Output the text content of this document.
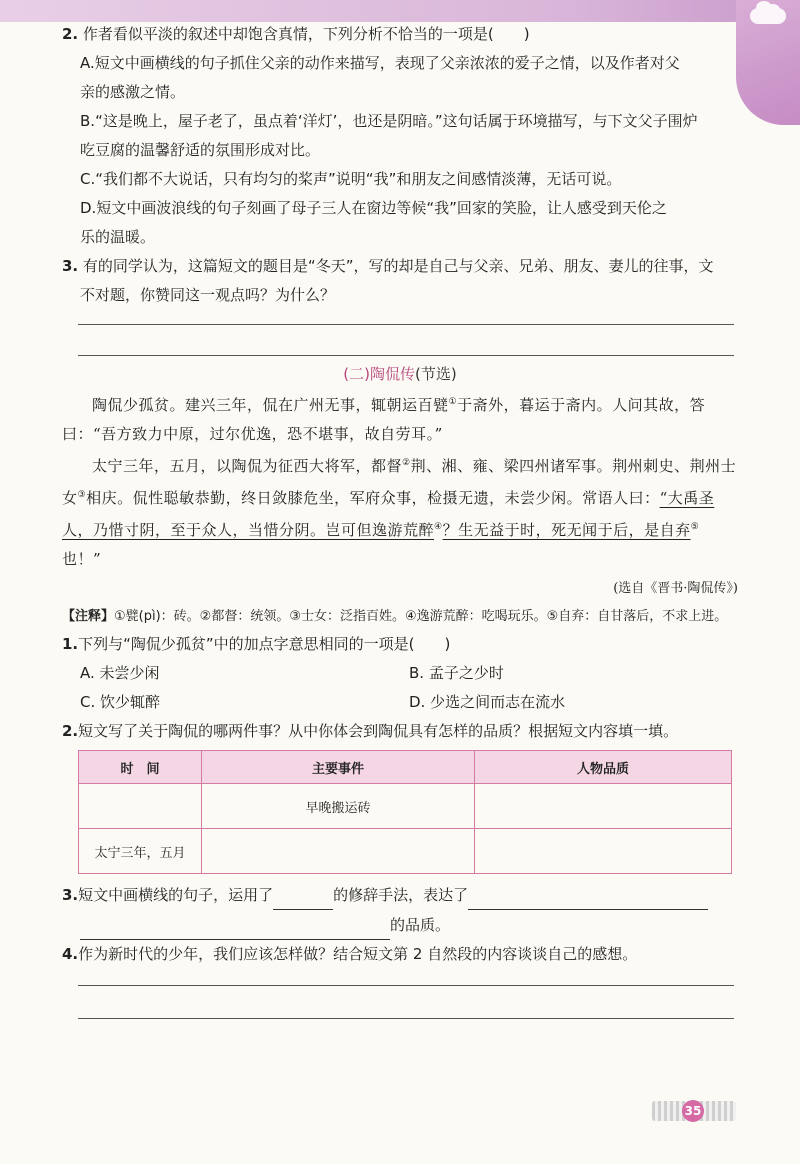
2. 作者看似平淡的叙述中却饱含真情，下列分析不恰当的一项是(　　)

A.短文中画横线的句子抓住父亲的动作来描写，表现了父亲浓浓的爱子之情，以及作者对父
亲的感激之情。
B.“这是晚上，屋子老了，虽点着‘洋灯’，也还是阴暗。”这句话属于环境描写，与下文父子围炉
吃豆腐的温馨舒适的氛围形成对比。
C.“我们都不大说话，只有均匀的桨声”说明“我”和朋友之间感情淡薄，无话可说。
D.短文中画波浪线的句子刻画了母子三人在窗边等候“我”回家的笑脸，让人感受到天伦之
乐的温暖。

3. 有的同学认为，这篇短文的题目是“冬天”，写的却是自己与父亲、兄弟、朋友、妻儿的往事，文

不对题，你赞同这一观点吗？为什么？

(二)陶侃传(节选)

陶侃少孤贫。建兴三年，侃在广州无事，辄朝运百甓①于斋外，暮运于斋内。人问其故，答曰：“吾方致力中原，过尔优逸，恐不堪事，故自劳耳。”

太宁三年，五月，以陶侃为征西大将军，都督②荆、湘、雍、梁四州诸军事。荆州刺史、荆州士女③相庆。侃性聪敏恭勤，终日敛膝危坐，军府众事，检摄无遗，未尝少闲。常语人曰：“大禹圣人，乃惜寸阴，至于众人，当惜分阴。岂可但逸游荒醉④？生无益于时，死无闻于后，是自弃⑤也！”

(选自《晋书·陶侃传》)

【注释】①甓(pì)：砖。②都督：统领。③士女：泛指百姓。④逸游荒醉：吃喝玩乐。⑤自弃：自甘落后，不求上进。

1.下列与“陶侃少孤贫”中的加点字意思相同的一项是(　　)

A. 未尝少闲	B. 孟子之少时
C. 饮少辄醉	D. 少选之间而志在流水

2.短文写了关于陶侃的哪两件事？从中你体会到陶侃具有怎样的品质？根据短文内容填一填。

时　间	主要事件	人物品质
	早晚搬运砖	
太宁三年，五月		

3.短文中画横线的句子，运用了	的修辞手法，表达了

的品质。

4.作为新时代的少年，我们应该怎样做？结合短文第 2 自然段的内容谈谈自己的感想。

35
